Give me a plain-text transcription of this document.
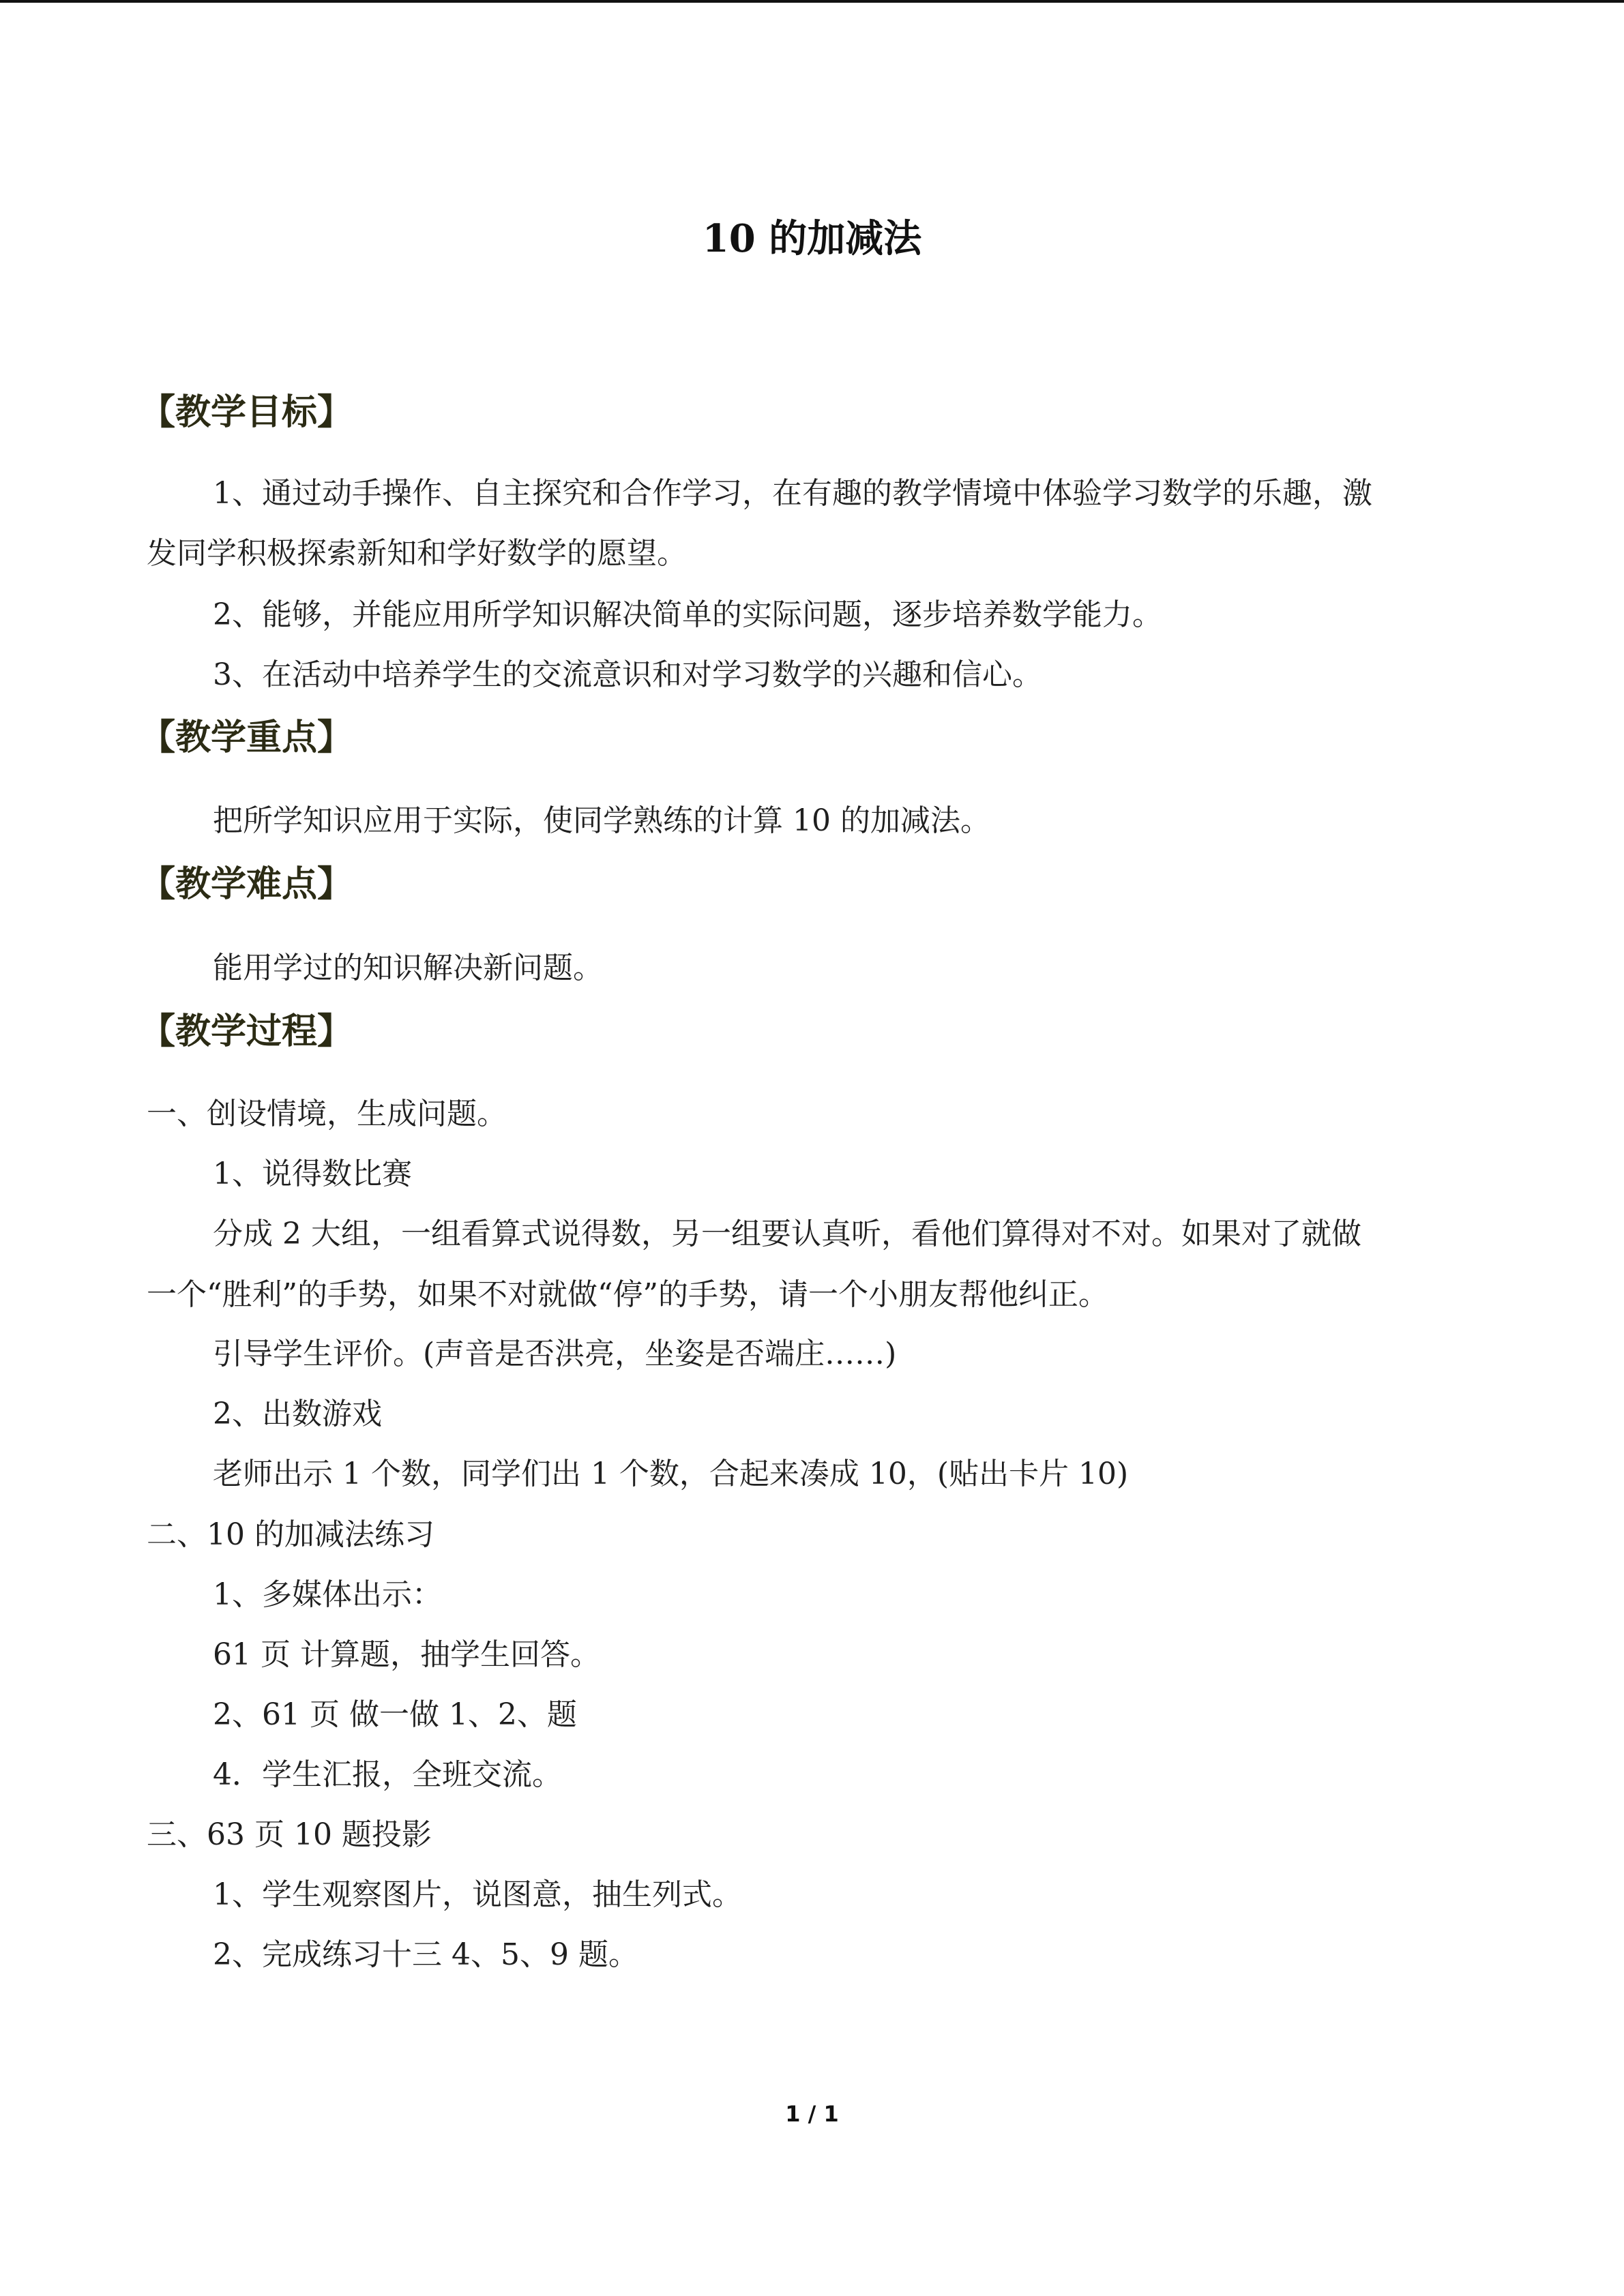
10 的加减法
【教学目标】
1、通过动手操作、自主探究和合作学习，在有趣的教学情境中体验学习数学的乐趣，激
发同学积极探索新知和学好数学的愿望。
2、能够，并能应用所学知识解决简单的实际问题，逐步培养数学能力。
3、在活动中培养学生的交流意识和对学习数学的兴趣和信心。
【教学重点】
把所学知识应用于实际，使同学熟练的计算 10 的加减法。
【教学难点】
能用学过的知识解决新问题。
【教学过程】
一、创设情境，生成问题。
1、说得数比赛
分成 2 大组，一组看算式说得数，另一组要认真听，看他们算得对不对。如果对了就做
一个“胜利”的手势，如果不对就做“停”的手势，请一个小朋友帮他纠正。
引导学生评价。(声音是否洪亮，坐姿是否端庄……)
2、出数游戏
老师出示 1 个数，同学们出 1 个数，合起来凑成 10，(贴出卡片 10)
二、10 的加减法练习
1、多媒体出示：
61 页 计算题，抽学生回答。
2、61 页 做一做 1、2、题
4．学生汇报，全班交流。
三、63 页 10 题投影
1、学生观察图片，说图意，抽生列式。
2、完成练习十三 4、5、9 题。
1 / 1
